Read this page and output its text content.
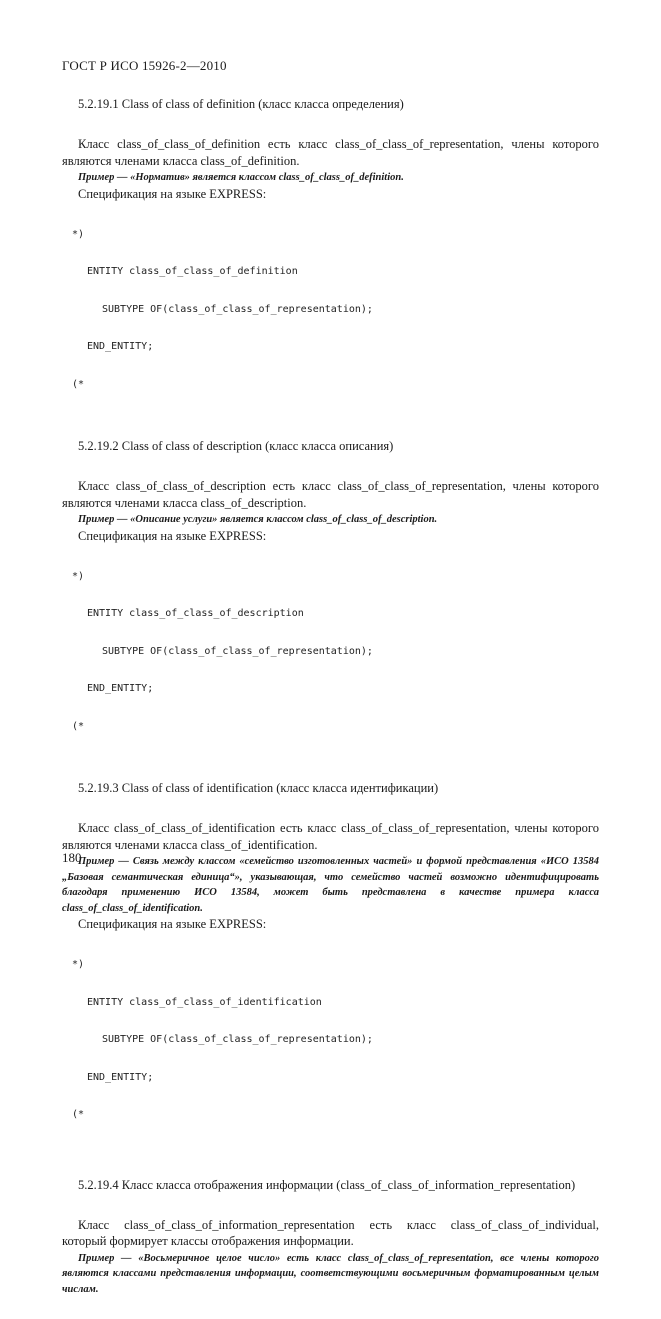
ГОСТ Р ИСО 15926-2—2010

5.2.19.1 Class of class of definition (класс класса определения)

Класс class_of_class_of_definition есть класс class_of_class_of_representation, члены которого являются членами класса class_of_definition.

Пример — «Норматив» является классом class_of_class_of_definition.

Спецификация на языке EXPRESS:

*)

ENTITY class_of_class_of_definition

SUBTYPE OF(class_of_class_of_representation);

END_ENTITY;

(*

5.2.19.2 Class of class of description (класс класса описания)

Класс class_of_class_of_description есть класс class_of_class_of_representation, члены которого являются членами класса class_of_description.

Пример — «Описание услуги» является классом class_of_class_of_description.

Спецификация на языке EXPRESS:

*)

ENTITY class_of_class_of_description

SUBTYPE OF(class_of_class_of_representation);

END_ENTITY;

(*

5.2.19.3 Class of class of identification (класс класса идентификации)

Класс class_of_class_of_identification есть класс class_of_class_of_representation, члены которого являются членами класса class_of_identification.

Пример — Связь между классом «семейство изготовленных частей» и формой представления «ИСО 13584 „Базовая семантическая единица“», указывающая, что семейство частей возможно идентифицировать благодаря применению ИСО 13584, может быть представлена в качестве примера класса class_of_class_of_identification.

Спецификация на языке EXPRESS:

*)

ENTITY class_of_class_of_identification

SUBTYPE OF(class_of_class_of_representation);

END_ENTITY;

(*

5.2.19.4 Класс класса отображения информации (class_of_class_of_information_representation)

Класс class_of_class_of_information_representation есть класс class_of_class_of_individual, который формирует классы отображения информации.

Пример — «Восьмеричное целое число» есть класс class_of_class_of_representation, все члены которого являются классами представления информации, соответствующими восьмеричным форматированным целым числам.

180
